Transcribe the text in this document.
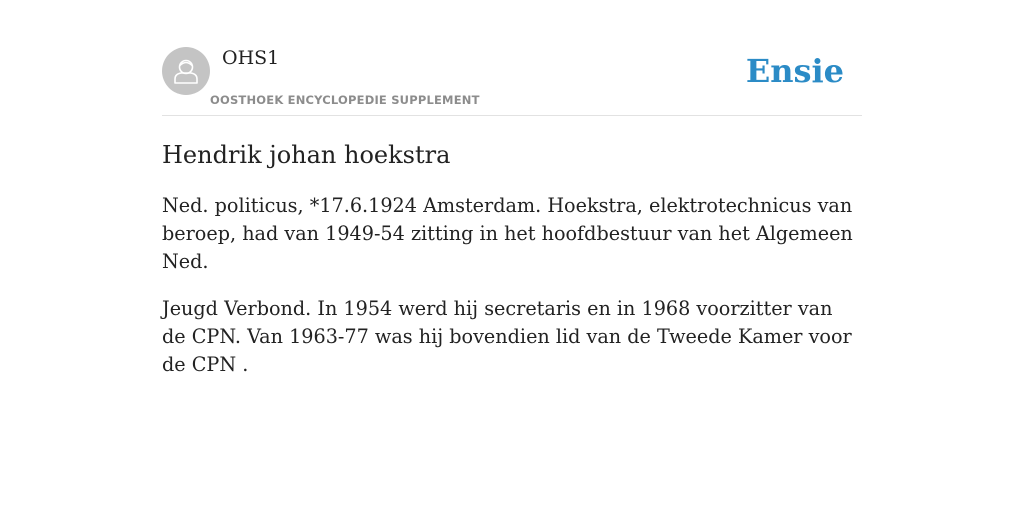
OHS1
OOSTHOEK ENCYCLOPEDIE SUPPLEMENT
Ensie
Hendrik johan hoekstra

Ned. politicus, *17.6.1924 Amsterdam. Hoekstra, elektrotechnicus van beroep, had van 1949-54 zitting in het hoofdbestuur van het Algemeen Ned.

Jeugd Verbond. In 1954 werd hij secretaris en in 1968 voorzitter van de CPN. Van 1963-77 was hij bovendien lid van de Tweede Kamer voor de CPN .
